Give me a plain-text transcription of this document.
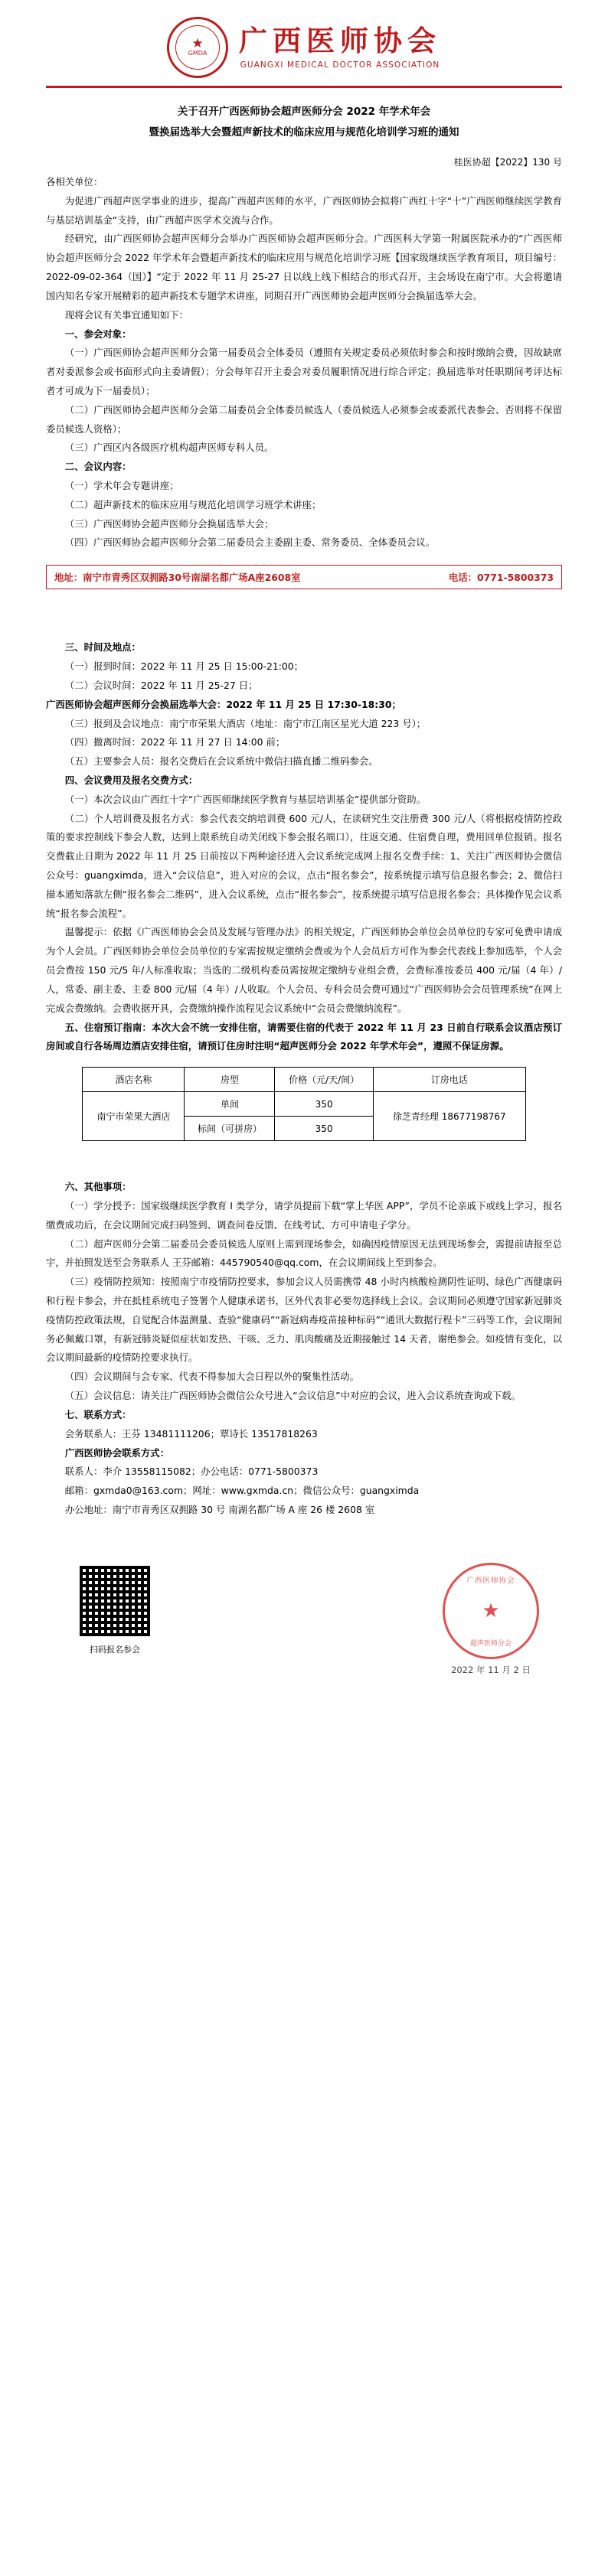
★
GMDA 广西医师协会
GUANGXI MEDICAL DOCTOR ASSOCIATION
关于召开广西医师协会超声医师分会 2022 年学术年会
暨换届选举大会暨超声新技术的临床应用与规范化培训学习班的通知
桂医协超【2022】130 号

各相关单位：

为促进广西超声医学事业的进步，提高广西超声医师的水平，广西医师协会拟将广西红十字“十”广西医师继续医学教育与基层培训基金“支持，由广西超声医学术交流与合作。

经研究，由广西医师协会超声医师分会举办广西医师协会超声医师分会。广西医科大学第一附属医院承办的“广西医师协会超声医师分会 2022 年学术年会暨超声新技术的临床应用与规范化培训学习班【国家级继续医学教育项目，项目编号：2022-09-02-364（国）】“定于 2022 年 11 月 25-27 日以线上线下相结合的形式召开，主会场设在南宁市。大会将邀请国内知名专家开展精彩的超声新技术专题学术讲座，同期召开广西医师协会超声医师分会换届选举大会。

现将会议有关事宜通知如下：

一、参会对象：

（一）广西医师协会超声医师分会第一届委员会全体委员（遵照有关规定委员必须依时参会和按时缴纳会费，因故缺席者对委派参会或书面形式向主委请假）；分会每年召开主委会对委员履职情况进行综合评定；换届选举对任职期间考评达标者才可成为下一届委员）；

（二）广西医师协会超声医师分会第二届委员会全体委员候选人（委员候选人必须参会或委派代表参会、否则将不保留委员候选人资格）；

（三）广西区内各级医疗机构超声医师专科人员。

二、会议内容：

（一）学术年会专题讲座；

（二）超声新技术的临床应用与规范化培训学习班学术讲座；

（三）广西医师协会超声医师分会换届选举大会；

（四）广西医师协会超声医师分会第二届委员会主委副主委、常务委员、全体委员会议。

地址：南宁市青秀区双拥路30号南湖名都广场A座2608室	电话：0771-5800373

三、时间及地点：

（一）报到时间：2022 年 11 月 25 日 15:00-21:00；

（二）会议时间：2022 年 11 月 25-27 日；

广西医师协会超声医师分会换届选举大会：2022 年 11 月 25 日 17:30-18:30；

（三）报到及会议地点：南宁市荣果大酒店（地址：南宁市江南区星光大道 223 号）；

（四）撤离时间：2022 年 11 月 27 日 14:00 前；

（五）主要参会人员：报名交费后在会议系统中微信扫描直播二维码参会。

四、会议费用及报名交费方式：

（一）本次会议由广西红十字“广西医师继续医学教育与基层培训基金”提供部分资助。

（二）个人培训费及报名方式：参会代表交纳培训费 600 元/人，在读研究生交注册费 300 元/人（将根据疫情防控政策的要求控制线下参会人数，达到上限系统自动关闭线下参会报名端口），往返交通、住宿费自理，费用回单位报销。报名交费截止日期为 2022 年 11 月 25 日前按以下两种途径进入会议系统完成网上报名交费手续：1、关注广西医师协会微信公众号：guangximda，进入“会议信息”，进入对应的会议，点击“报名参会”，按系统提示填写信息报名参会；2、微信扫描本通知落款左侧“报名参会二维码”，进入会议系统，点击“报名参会”，按系统提示填写信息报名参会；具体操作见会议系统“报名参会流程”。

温馨提示：依据《广西医师协会会员及发展与管理办法》的相关规定，广西医师协会单位会员单位的专家可免费申请成为个人会员。广西医师协会单位会员单位的专家需按规定缴纳会费或为个人会员后方可作为参会代表线上参加选举，个人会员会费按 150 元/5 年/人标准收取；当选的二级机构委员需按规定缴纳专业组会费，会费标准按委员 400 元/届（4 年）/人，常委、副主委、主委 800 元/届（4 年）/人收取。个人会员、专科会员会费可通过“广西医师协会会员管理系统”在网上完成会费缴纳。会费收据开具，会费缴纳操作流程见会议系统中“会员会费缴纳流程”。

五、住宿预订指南：本次大会不统一安排住宿，请需要住宿的代表于 2022 年 11 月 23 日前自行联系会议酒店预订房间或自行各场周边酒店安排住宿，请预订住房时注明“超声医师分会 2022 年学术年会”，遵照不保证房源。

酒店名称	房型	价格（元/天/间）	订房电话
南宁市荣果大酒店	单间	350	徐芝青经理 18677198767
	标间（可拼房）	350	

六、其他事项：

（一）学分授予：国家级继续医学教育 I 类学分，请学员提前下载“掌上华医 APP”，学员不论亲戚下或线上学习，报名缴费成功后，在会议期间完成扫码签到、调查问卷反馈、在线考试、方可申请电子学分。

（二）超声医师分会第二届委员会委员候选人原则上需到现场参会，如确因疫情原因无法到现场参会，需提前请报至总宇，并拍照发送至会务联系人 王芬邮箱：445790540@qq.com，在会议期间线上至到参会。

（三）疫情防控须知：按照南宁市疫情防控要求，参加会议人员需携带 48 小时内核酸检测阴性证明、绿色广西健康码和行程卡参会，并在抵桂系统电子签署个人健康承诺书，区外代表非必要勿选择线上会议。会议期间必须遵守国家新冠肺炎疫情防控政策法规，自觉配合体温测量、查验“健康码”“新冠病毒疫苗接种标码”“通讯大数据行程卡”三码等工作，会议期间务必佩戴口罩，有新冠肺炎疑似症状如发热、干咳、乏力、肌肉酸痛及近期接触过 14 天者，谢绝参会。如疫情有变化，以会议期间最新的疫情防控要求执行。

（四）会议期间与会专家、代表不得参加大会日程以外的聚集性活动。

（五）会议信息：请关注广西医师协会微信公众号进入“会议信息”中对应的会议，进入会议系统查询或下载。

七、联系方式：

会务联系人：王芬 13481111206；覃诗长 13517818263

广西医师协会联系方式：

联系人：李介 13558115082；办公电话：0771-5800373

邮箱：gxmda0@163.com；网址：www.gxmda.cn；微信公众号：guangximda

办公地址：南宁市青秀区双拥路 30 号 南湖名都广场 A 座 26 楼 2608 室

扫码报名参会
广西医师协会
★
超声医师分会
2022 年 11 月 2 日
